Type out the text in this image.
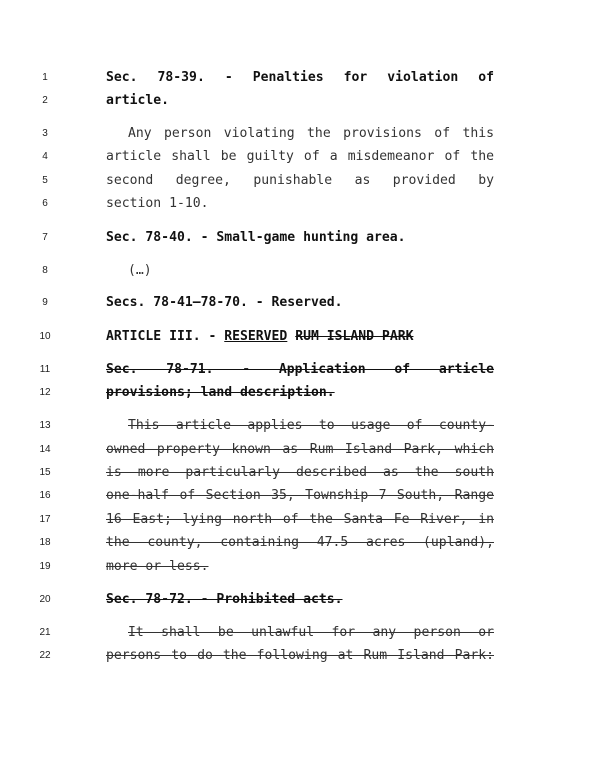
1
2
3
4
5
6
7
8
9
10
11
12
13
14
15
16
17
18
19
20
21
22
Sec. 78-39. - Penalties for violation of
article.
Any person violating the provisions of this
article shall be guilty of a misdemeanor of the
second degree, punishable as provided by
section 1-10.
Sec. 78-40. - Small-game hunting area.
(…)
Secs. 78-41—78-70. - Reserved.
ARTICLE III. - RESERVED RUM ISLAND PARK
Sec. 78-71. - Application of article
provisions; land description.
This article applies to usage of county-
owned property known as Rum Island Park, which
is more particularly described as the south
one-half of Section 35, Township 7 South, Range
16 East; lying north of the Santa Fe River, in
the county, containing 47.5 acres (upland),
more or less.
Sec. 78-72. - Prohibited acts.
It shall be unlawful for any person or
persons to do the following at Rum Island Park:
